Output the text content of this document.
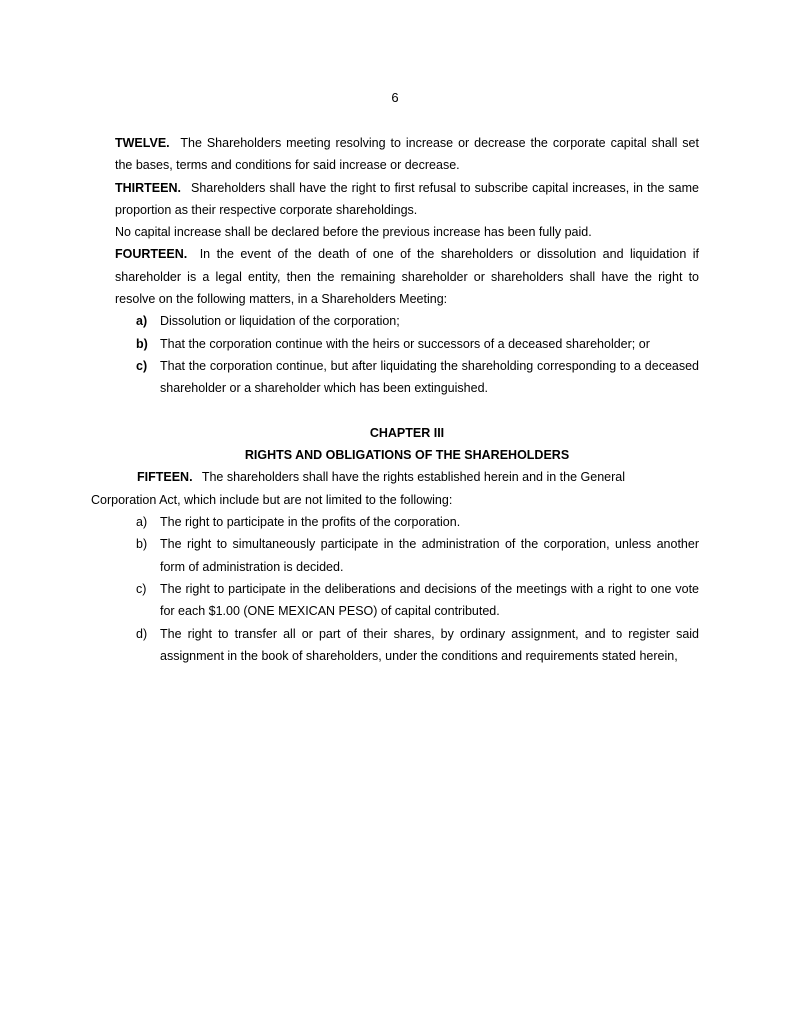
6

TWELVE. The Shareholders meeting resolving to increase or decrease the corporate capital shall set the bases, terms and conditions for said increase or decrease.

THIRTEEN. Shareholders shall have the right to first refusal to subscribe capital increases, in the same proportion as their respective corporate shareholdings.

No capital increase shall be declared before the previous increase has been fully paid.

FOURTEEN. In the event of the death of one of the shareholders or dissolution and liquidation if shareholder is a legal entity, then the remaining shareholder or shareholders shall have the right to resolve on the following matters, in a Shareholders Meeting:

a) Dissolution or liquidation of the corporation;
b) That the corporation continue with the heirs or successors of a deceased shareholder; or
c) That the corporation continue, but after liquidating the shareholding corresponding to a deceased shareholder or a shareholder which has been extinguished.
CHAPTER III
RIGHTS AND OBLIGATIONS OF THE SHAREHOLDERS

FIFTEEN. The shareholders shall have the rights established herein and in the General

Corporation Act, which include but are not limited to the following:

a) The right to participate in the profits of the corporation.
b) The right to simultaneously participate in the administration of the corporation, unless another form of administration is decided.
c) The right to participate in the deliberations and decisions of the meetings with a right to one vote for each $1.00 (ONE MEXICAN PESO) of capital contributed.
d) The right to transfer all or part of their shares, by ordinary assignment, and to register said assignment in the book of shareholders, under the conditions and requirements stated herein,
